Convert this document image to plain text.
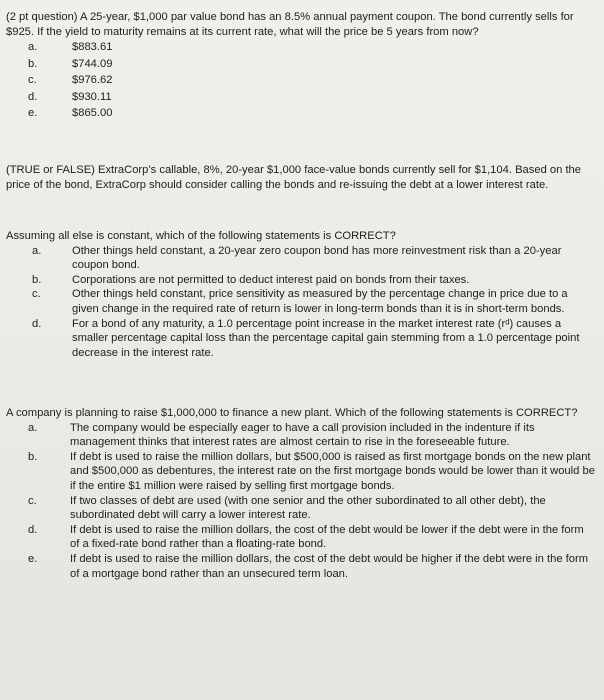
(2 pt question) A 25-year, $1,000 par value bond has an 8.5% annual payment coupon. The bond currently sells for $925. If the yield to maturity remains at its current rate, what will the price be 5 years from now?

a.	$883.61
b.	$744.09
c.	$976.62
d.	$930.11
e.	$865.00

(TRUE or FALSE) ExtraCorp’s callable, 8%, 20-year $1,000 face-value bonds currently sell for $1,104. Based on the price of the bond, ExtraCorp should consider calling the bonds and re-issuing the debt at a lower interest rate.

Assuming all else is constant, which of the following statements is CORRECT?

a.	Other things held constant, a 20-year zero coupon bond has more reinvestment risk than a 20-year coupon bond.
b.	Corporations are not permitted to deduct interest paid on bonds from their taxes.
c.	Other things held constant, price sensitivity as measured by the percentage change in price due to a given change in the required rate of return is lower in long-term bonds than it is in short-term bonds.
d.	For a bond of any maturity, a 1.0 percentage point increase in the market interest rate (rᵈ) causes a smaller percentage capital loss than the percentage capital gain stemming from a 1.0 percentage point decrease in the interest rate.

A company is planning to raise $1,000,000 to finance a new plant. Which of the following statements is CORRECT?

a.	The company would be especially eager to have a call provision included in the indenture if its management thinks that interest rates are almost certain to rise in the foreseeable future.
b.	If debt is used to raise the million dollars, but $500,000 is raised as first mortgage bonds on the new plant and $500,000 as debentures, the interest rate on the first mortgage bonds would be lower than it would be if the entire $1 million were raised by selling first mortgage bonds.
c.	If two classes of debt are used (with one senior and the other subordinated to all other debt), the subordinated debt will carry a lower interest rate.
d.	If debt is used to raise the million dollars, the cost of the debt would be lower if the debt were in the form of a fixed-rate bond rather than a floating-rate bond.
e.	If debt is used to raise the million dollars, the cost of the debt would be higher if the debt were in the form of a mortgage bond rather than an unsecured term loan.
